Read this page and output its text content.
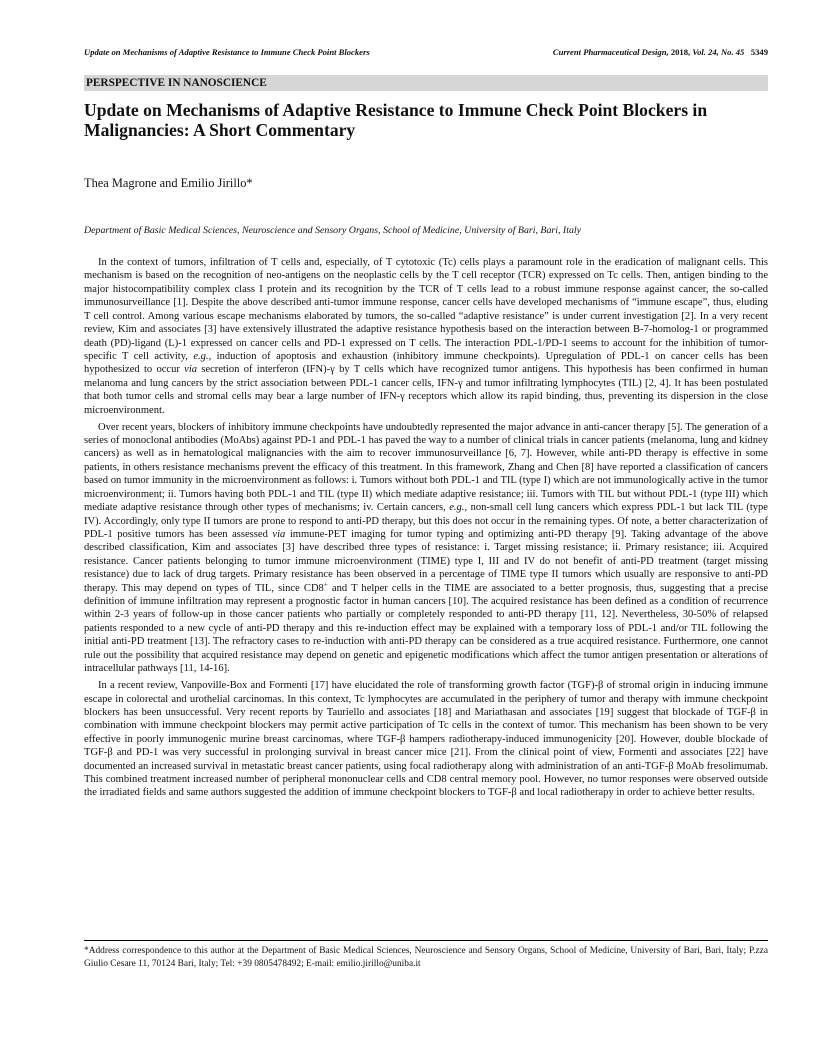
Update on Mechanisms of Adaptive Resistance to Immune Check Point Blockers	Current Pharmaceutical Design, 2018, Vol. 24, No. 45 5349
PERSPECTIVE IN NANOSCIENCE
Update on Mechanisms of Adaptive Resistance to Immune Check Point Blockers in Malignancies: A Short Commentary
Thea Magrone and Emilio Jirillo*
Department of Basic Medical Sciences, Neuroscience and Sensory Organs, School of Medicine, University of Bari, Bari, Italy

In the context of tumors, infiltration of T cells and, especially, of T cytotoxic (Tc) cells plays a paramount role in the eradication of malignant cells. This mechanism is based on the recognition of neo-antigens on the neoplastic cells by the T cell receptor (TCR) expressed on Tc cells. Then, antigen binding to the major histocompatibility complex class I protein and its recognition by the TCR of T cells lead to a robust immune response against cancer, the so-called immunosurveillance [1]. Despite the above described anti-tumor immune response, cancer cells have developed mechanisms of “immune escape”, thus, eluding T cell control. Among various escape mechanisms elaborated by tumors, the so-called “adaptive resistance” is under current investigation [2]. In a very recent review, Kim and associates [3] have extensively illustrated the adaptive resistance hypothesis based on the interaction between B-7-homolog-1 or programmed death (PD)-ligand (L)-1 expressed on cancer cells and PD-1 expressed on T cells. The interaction PDL-1/PD-1 seems to account for the inhibition of tumor-specific T cell activity, e.g., induction of apoptosis and exhaustion (inhibitory immune checkpoints). Upregulation of PDL-1 on cancer cells has been hypothesized to occur via secretion of interferon (IFN)-γ by T cells which have recognized tumor antigens. This hypothesis has been confirmed in human melanoma and lung cancers by the strict association between PDL-1 cancer cells, IFN-γ and tumor infiltrating lymphocytes (TIL) [2, 4]. It has been postulated that both tumor cells and stromal cells may bear a large number of IFN-γ receptors which allow its rapid binding, thus, preventing its dispersion in the close microenvironment.

Over recent years, blockers of inhibitory immune checkpoints have undoubtedly represented the major advance in anti-cancer therapy [5]. The generation of a series of monoclonal antibodies (MoAbs) against PD-1 and PDL-1 has paved the way to a number of clinical trials in cancer patients (melanoma, lung and kidney cancers) as well as in hematological malignancies with the aim to recover immunosurveillance [6, 7]. However, while anti-PD therapy is effective in some patients, in others resistance mechanisms prevent the efficacy of this treatment. In this framework, Zhang and Chen [8] have reported a classification of cancers based on tumor immunity in the microenvironment as follows: i. Tumors without both PDL-1 and TIL (type I) which are not immunologically active in the tumor microenvironment; ii. Tumors having both PDL-1 and TIL (type II) which mediate adaptive resistance; iii. Tumors with TIL but without PDL-1 (type III) which mediate adaptive resistance through other types of mechanisms; iv. Certain cancers, e.g., non-small cell lung cancers which express PDL-1 but lack TIL (type IV). Accordingly, only type II tumors are prone to respond to anti-PD therapy, but this does not occur in the remaining types. Of note, a better characterization of PDL-1 positive tumors has been assessed via immune-PET imaging for tumor typing and optimizing anti-PD therapy [9]. Taking advantage of the above described classification, Kim and associates [3] have described three types of resistance: i. Target missing resistance; ii. Primary resistance; iii. Acquired resistance. Cancer patients belonging to tumor immune microenvironment (TIME) type I, III and IV do not benefit of anti-PD treatment (target missing resistance) due to lack of drug targets. Primary resistance has been observed in a percentage of TIME type II tumors which usually are responsive to anti-PD therapy. This may depend on types of TIL, since CD8+ and T helper cells in the TIME are associated to a better prognosis, thus, suggesting that a precise definition of immune infiltration may represent a prognostic factor in human cancers [10]. The acquired resistance has been defined as a condition of recurrence within 2-3 years of follow-up in those cancer patients who partially or completely responded to anti-PD therapy [11, 12]. Nevertheless, 30-50% of relapsed patients responded to a new cycle of anti-PD therapy and this re-induction effect may be explained with a temporary loss of PDL-1 and/or TIL following the initial anti-PD treatment [13]. The refractory cases to re-induction with anti-PD therapy can be considered as a true acquired resistance. Furthermore, one cannot rule out the possibility that acquired resistance may depend on genetic and epigenetic modifications which affect the tumor antigen presentation or alterations of intracellular pathways [11, 14-16].

In a recent review, Vanpoville-Box and Formenti [17] have elucidated the role of transforming growth factor (TGF)-β of stromal origin in inducing immune escape in colorectal and urothelial carcinomas. In this context, Tc lymphocytes are accumulated in the periphery of tumor and therapy with immune checkpoint blockers has been unsuccessful. Very recent reports by Tauriello and associates [18] and Mariathasan and associates [19] suggest that blockade of TGF-β in combination with immune checkpoint blockers may permit active participation of Tc cells in the context of tumor. This mechanism has been shown to be very effective in poorly immunogenic murine breast carcinomas, where TGF-β hampers radiotherapy-induced immunogenicity [20]. However, double blockade of TGF-β and PD-1 was very successful in prolonging survival in breast cancer mice [21]. From the clinical point of view, Formenti and associates [22] have documented an increased survival in metastatic breast cancer patients, using focal radiotherapy along with administration of an anti-TGF-β MoAb fresolimumab. This combined treatment increased number of peripheral mononuclear cells and CD8 central memory pool. However, no tumor responses were observed outside the irradiated fields and same authors suggested the addition of immune checkpoint blockers to TGF-β and local radiotherapy in order to achieve better results.

*Address correspondence to this author at the Department of Basic Medical Sciences, Neuroscience and Sensory Organs, School of Medicine, University of Bari, Bari, Italy; P.zza Giulio Cesare 11, 70124 Bari, Italy; Tel: +39 0805478492; E-mail: emilio.jirillo@uniba.it
